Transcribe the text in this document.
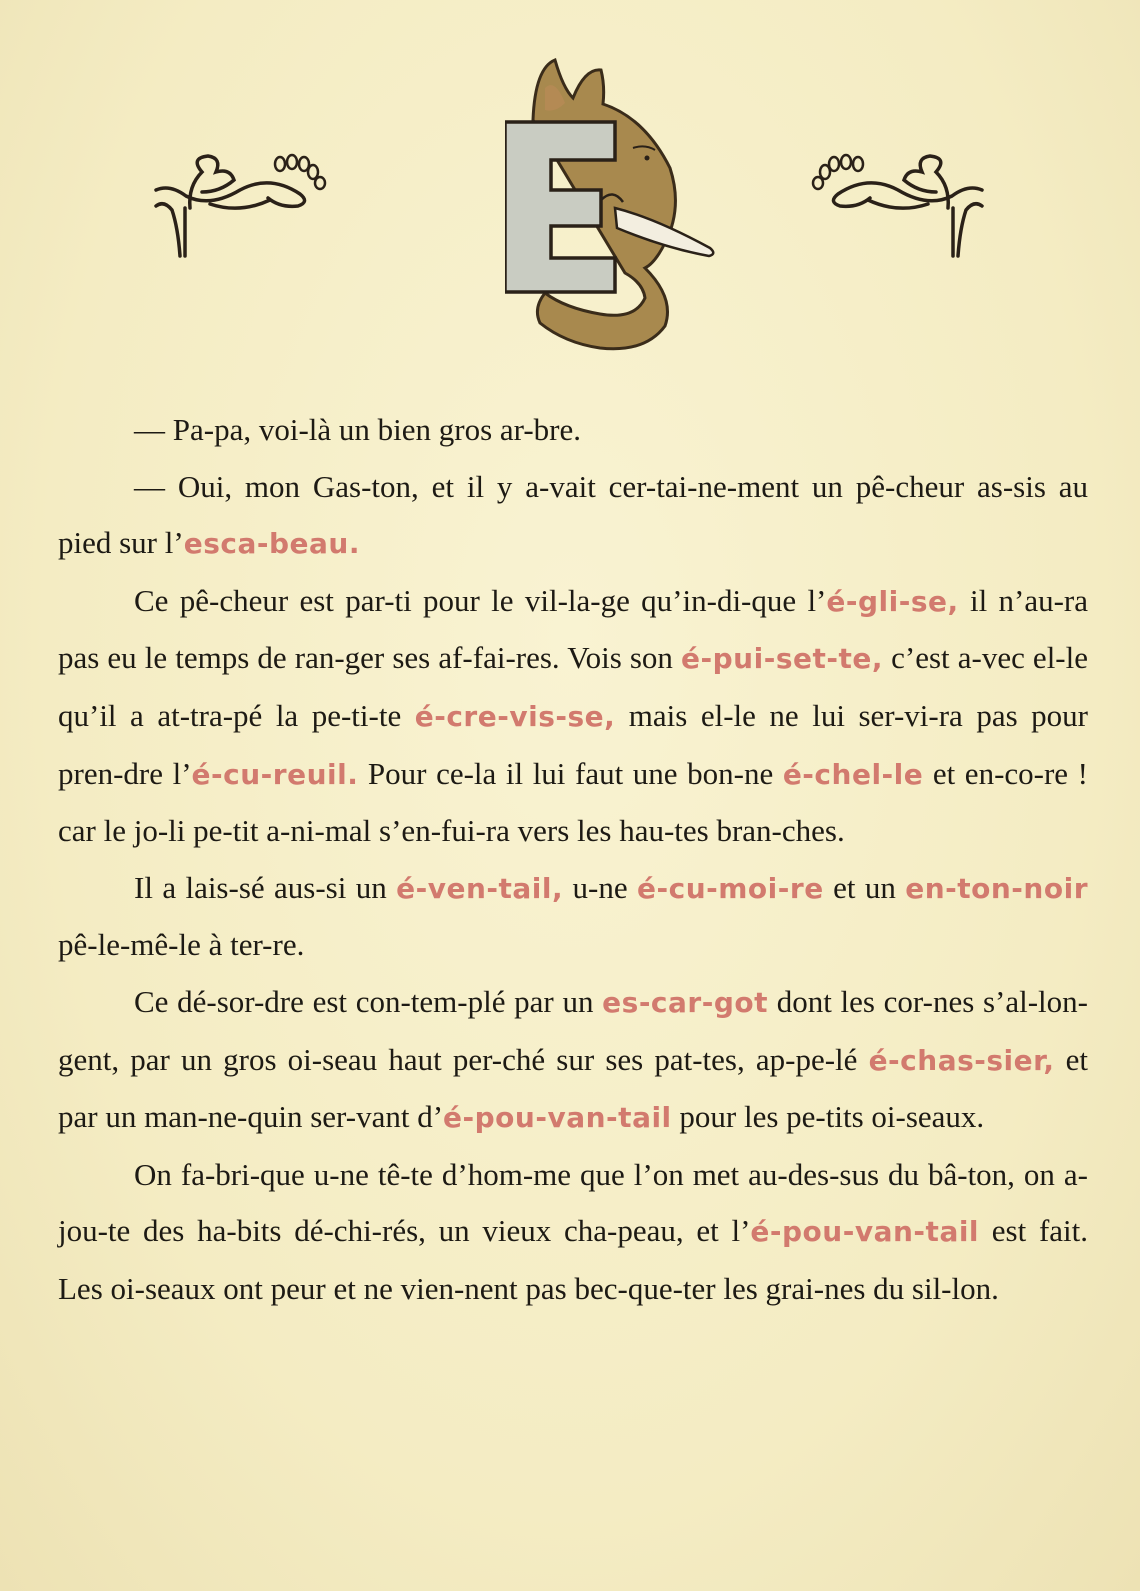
— Pa-pa, voi-là un bien gros ar-bre.

— Oui, mon Gas-ton, et il y a-vait cer-tai-ne-ment un pê-cheur as-sis au pied sur l’esca-beau.

Ce pê-cheur est par-ti pour le vil-la-ge qu’in-di-que l’é-gli-se, il n’au-ra pas eu le temps de ran-ger ses af-fai-res. Vois son é-pui-set-te, c’est a-vec el-le qu’il a at-tra-pé la pe-ti-te é-cre-vis-se, mais el-le ne lui ser-vi-ra pas pour pren-dre l’é-cu-reuil. Pour ce-la il lui faut une bon-ne é-chel-le et en-co-re ! car le jo-li pe-tit a-ni-mal s’en-fui-ra vers les hau-tes bran-ches.

Il a lais-sé aus-si un é-ven-tail, u-ne é-cu-moi-re et un en-ton-noir pê-le-mê-le à ter-re.

Ce dé-sor-dre est con-tem-plé par un es-car-got dont les cor-nes s’al-lon-gent, par un gros oi-seau haut per-ché sur ses pat-tes, ap-pe-lé é-chas-sier, et par un man-ne-quin ser-vant d’é-pou-van-tail pour les pe-tits oi-seaux.

On fa-bri-que u-ne tê-te d’hom-me que l’on met au-des-sus du bâ-ton, on a-jou-te des ha-bits dé-chi-rés, un vieux cha-peau, et l’é-pou-van-tail est fait. Les oi-seaux ont peur et ne vien-nent pas bec-que-ter les grai-nes du sil-lon.
